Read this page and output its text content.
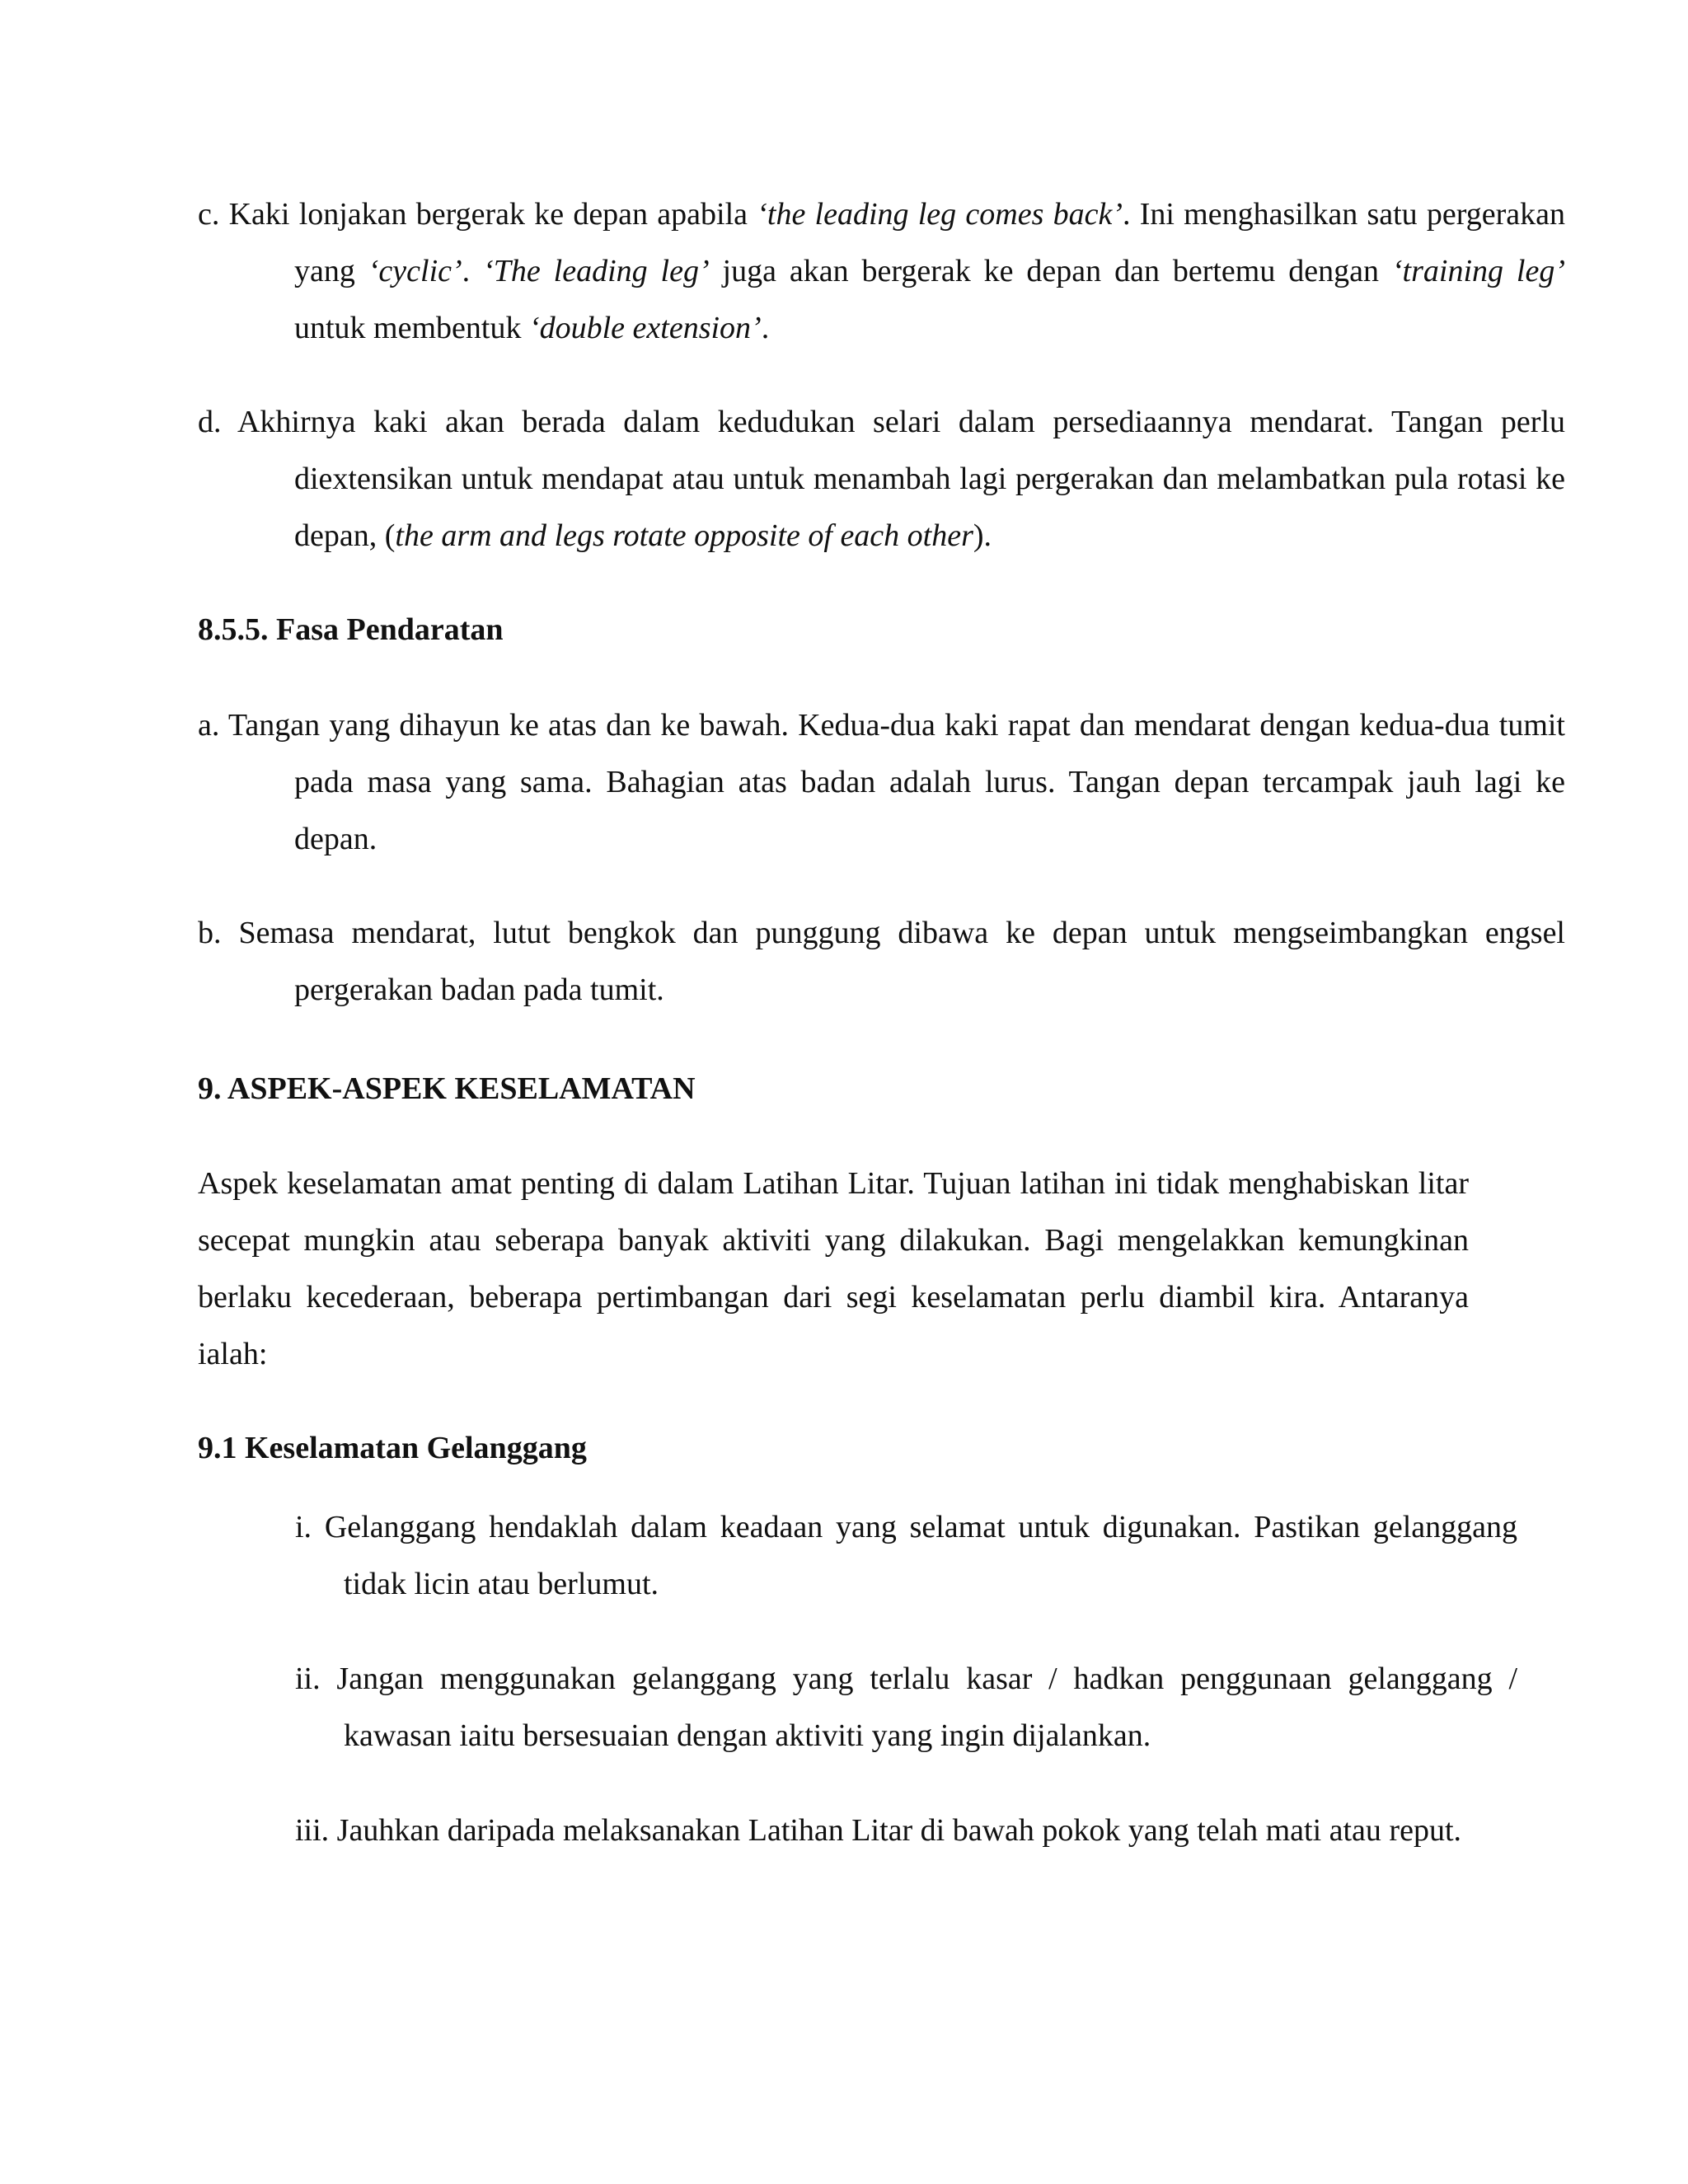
c. Kaki lonjakan bergerak ke depan apabila ‘the leading leg comes back’. Ini menghasilkan satu pergerakan yang ‘cyclic’. ‘The leading leg’ juga akan bergerak ke depan dan bertemu dengan ‘training leg’ untuk membentuk ‘double extension’.

d. Akhirnya kaki akan berada dalam kedudukan selari dalam persediaannya mendarat. Tangan perlu diextensikan untuk mendapat atau untuk menambah lagi pergerakan dan melambatkan pula rotasi ke depan, (the arm and legs rotate opposite of each other).

8.5.5. Fasa Pendaratan

a. Tangan yang dihayun ke atas dan ke bawah. Kedua-dua kaki rapat dan mendarat dengan kedua-dua tumit pada masa yang sama. Bahagian atas badan adalah lurus. Tangan depan tercampak jauh lagi ke depan.

b. Semasa mendarat, lutut bengkok dan punggung dibawa ke depan untuk mengseimbangkan engsel pergerakan badan pada tumit.

9. ASPEK-ASPEK KESELAMATAN

Aspek keselamatan amat penting di dalam Latihan Litar. Tujuan latihan ini tidak menghabiskan litar secepat mungkin atau seberapa banyak aktiviti yang dilakukan. Bagi mengelakkan kemungkinan berlaku kecederaan, beberapa pertimbangan dari segi keselamatan perlu diambil kira. Antaranya ialah:

9.1 Keselamatan Gelanggang

i. Gelanggang hendaklah dalam keadaan yang selamat untuk digunakan. Pastikan gelanggang tidak licin atau berlumut.

ii. Jangan menggunakan gelanggang yang terlalu kasar / hadkan penggunaan gelanggang / kawasan iaitu bersesuaian dengan aktiviti yang ingin dijalankan.

iii. Jauhkan daripada melaksanakan Latihan Litar di bawah pokok yang telah mati atau reput.
